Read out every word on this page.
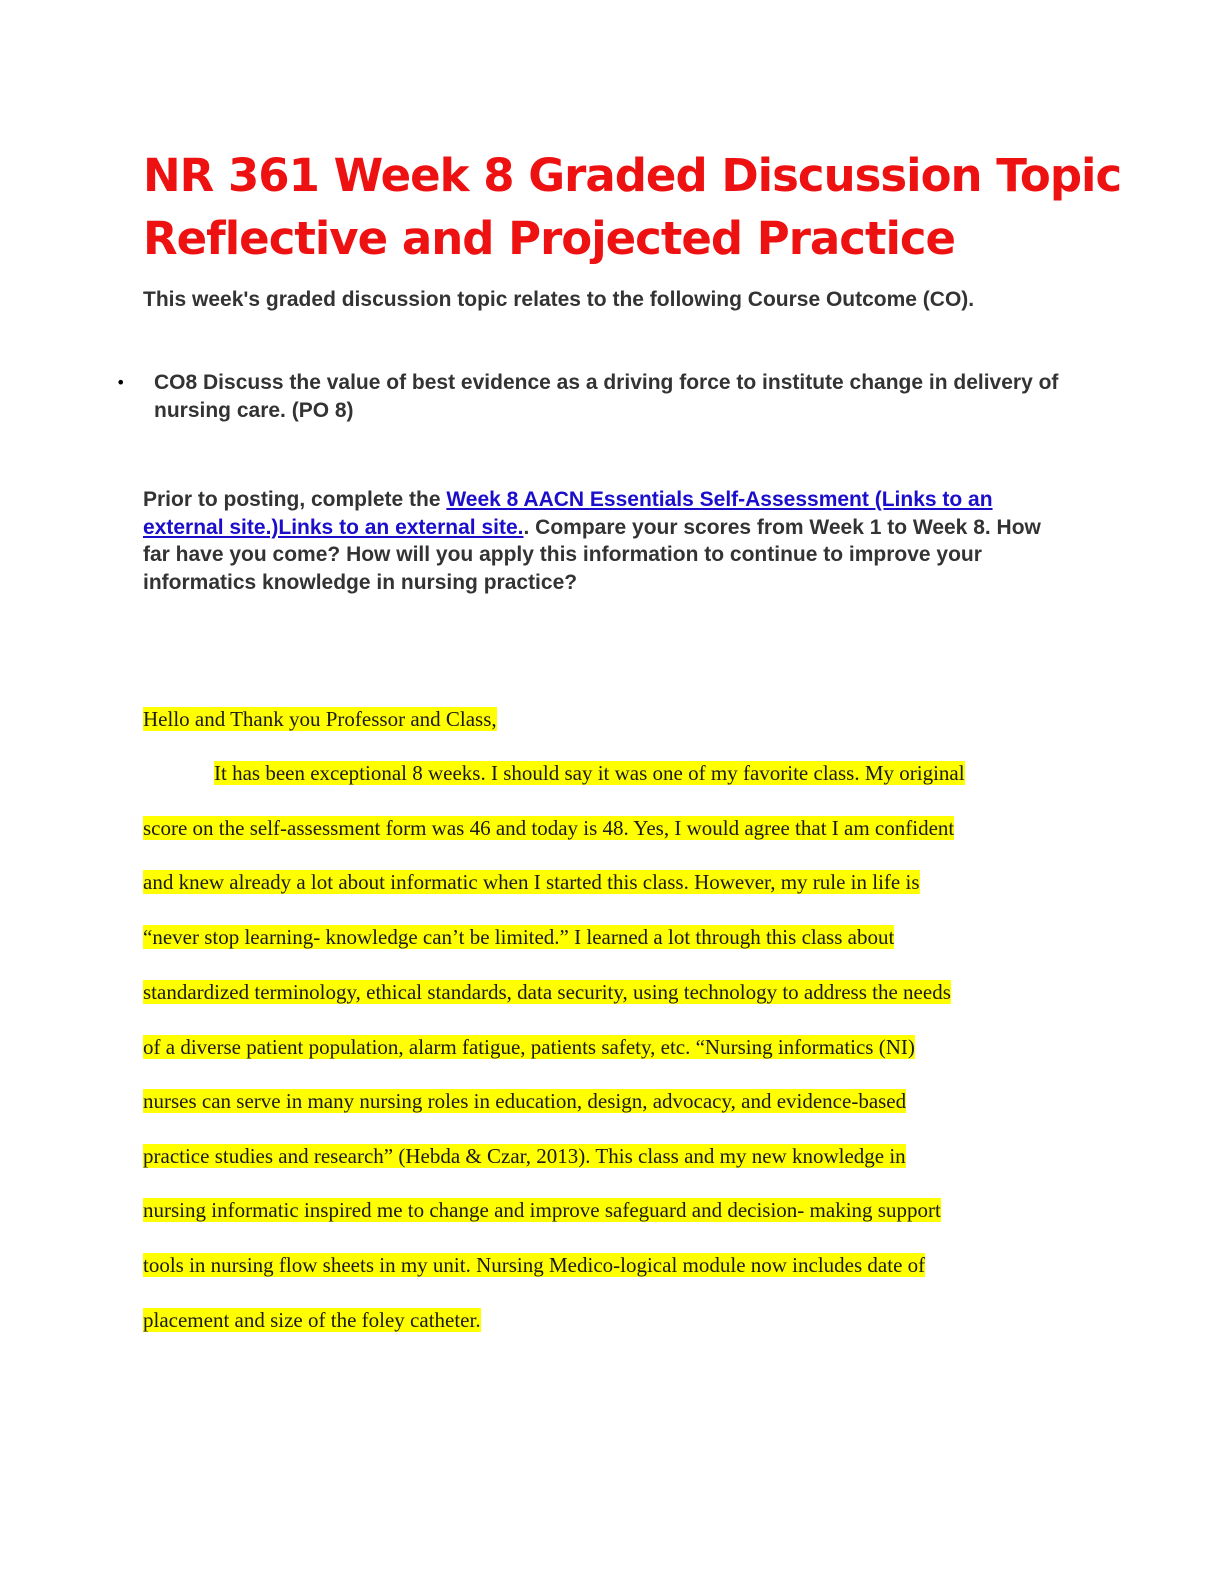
NR 361 Week 8 Graded Discussion Topic
Reflective and Projected Practice

This week's graded discussion topic relates to the following Course Outcome (CO).

• CO8 Discuss the value of best evidence as a driving force to institute change in delivery of nursing care. (PO 8)

Prior to posting, complete the Week 8 AACN Essentials Self-Assessment (Links to an external site.)Links to an external site.. Compare your scores from Week 1 to Week 8. How far have you come? How will you apply this information to continue to improve your informatics knowledge in nursing practice?

Hello and Thank you Professor and Class,
It has been exceptional 8 weeks. I should say it was one of my favorite class. My original
score on the self-assessment form was 46 and today is 48. Yes, I would agree that I am confident
and knew already a lot about informatic when I started this class. However, my rule in life is
“never stop learning- knowledge can’t be limited.” I learned a lot through this class about
standardized terminology, ethical standards, data security, using technology to address the needs
of a diverse patient population, alarm fatigue, patients safety, etc. “Nursing informatics (NI)
nurses can serve in many nursing roles in education, design, advocacy, and evidence-based
practice studies and research” (Hebda & Czar, 2013). This class and my new knowledge in
nursing informatic inspired me to change and improve safeguard and decision- making support
tools in nursing flow sheets in my unit. Nursing Medico-logical module now includes date of
placement and size of the foley catheter.
